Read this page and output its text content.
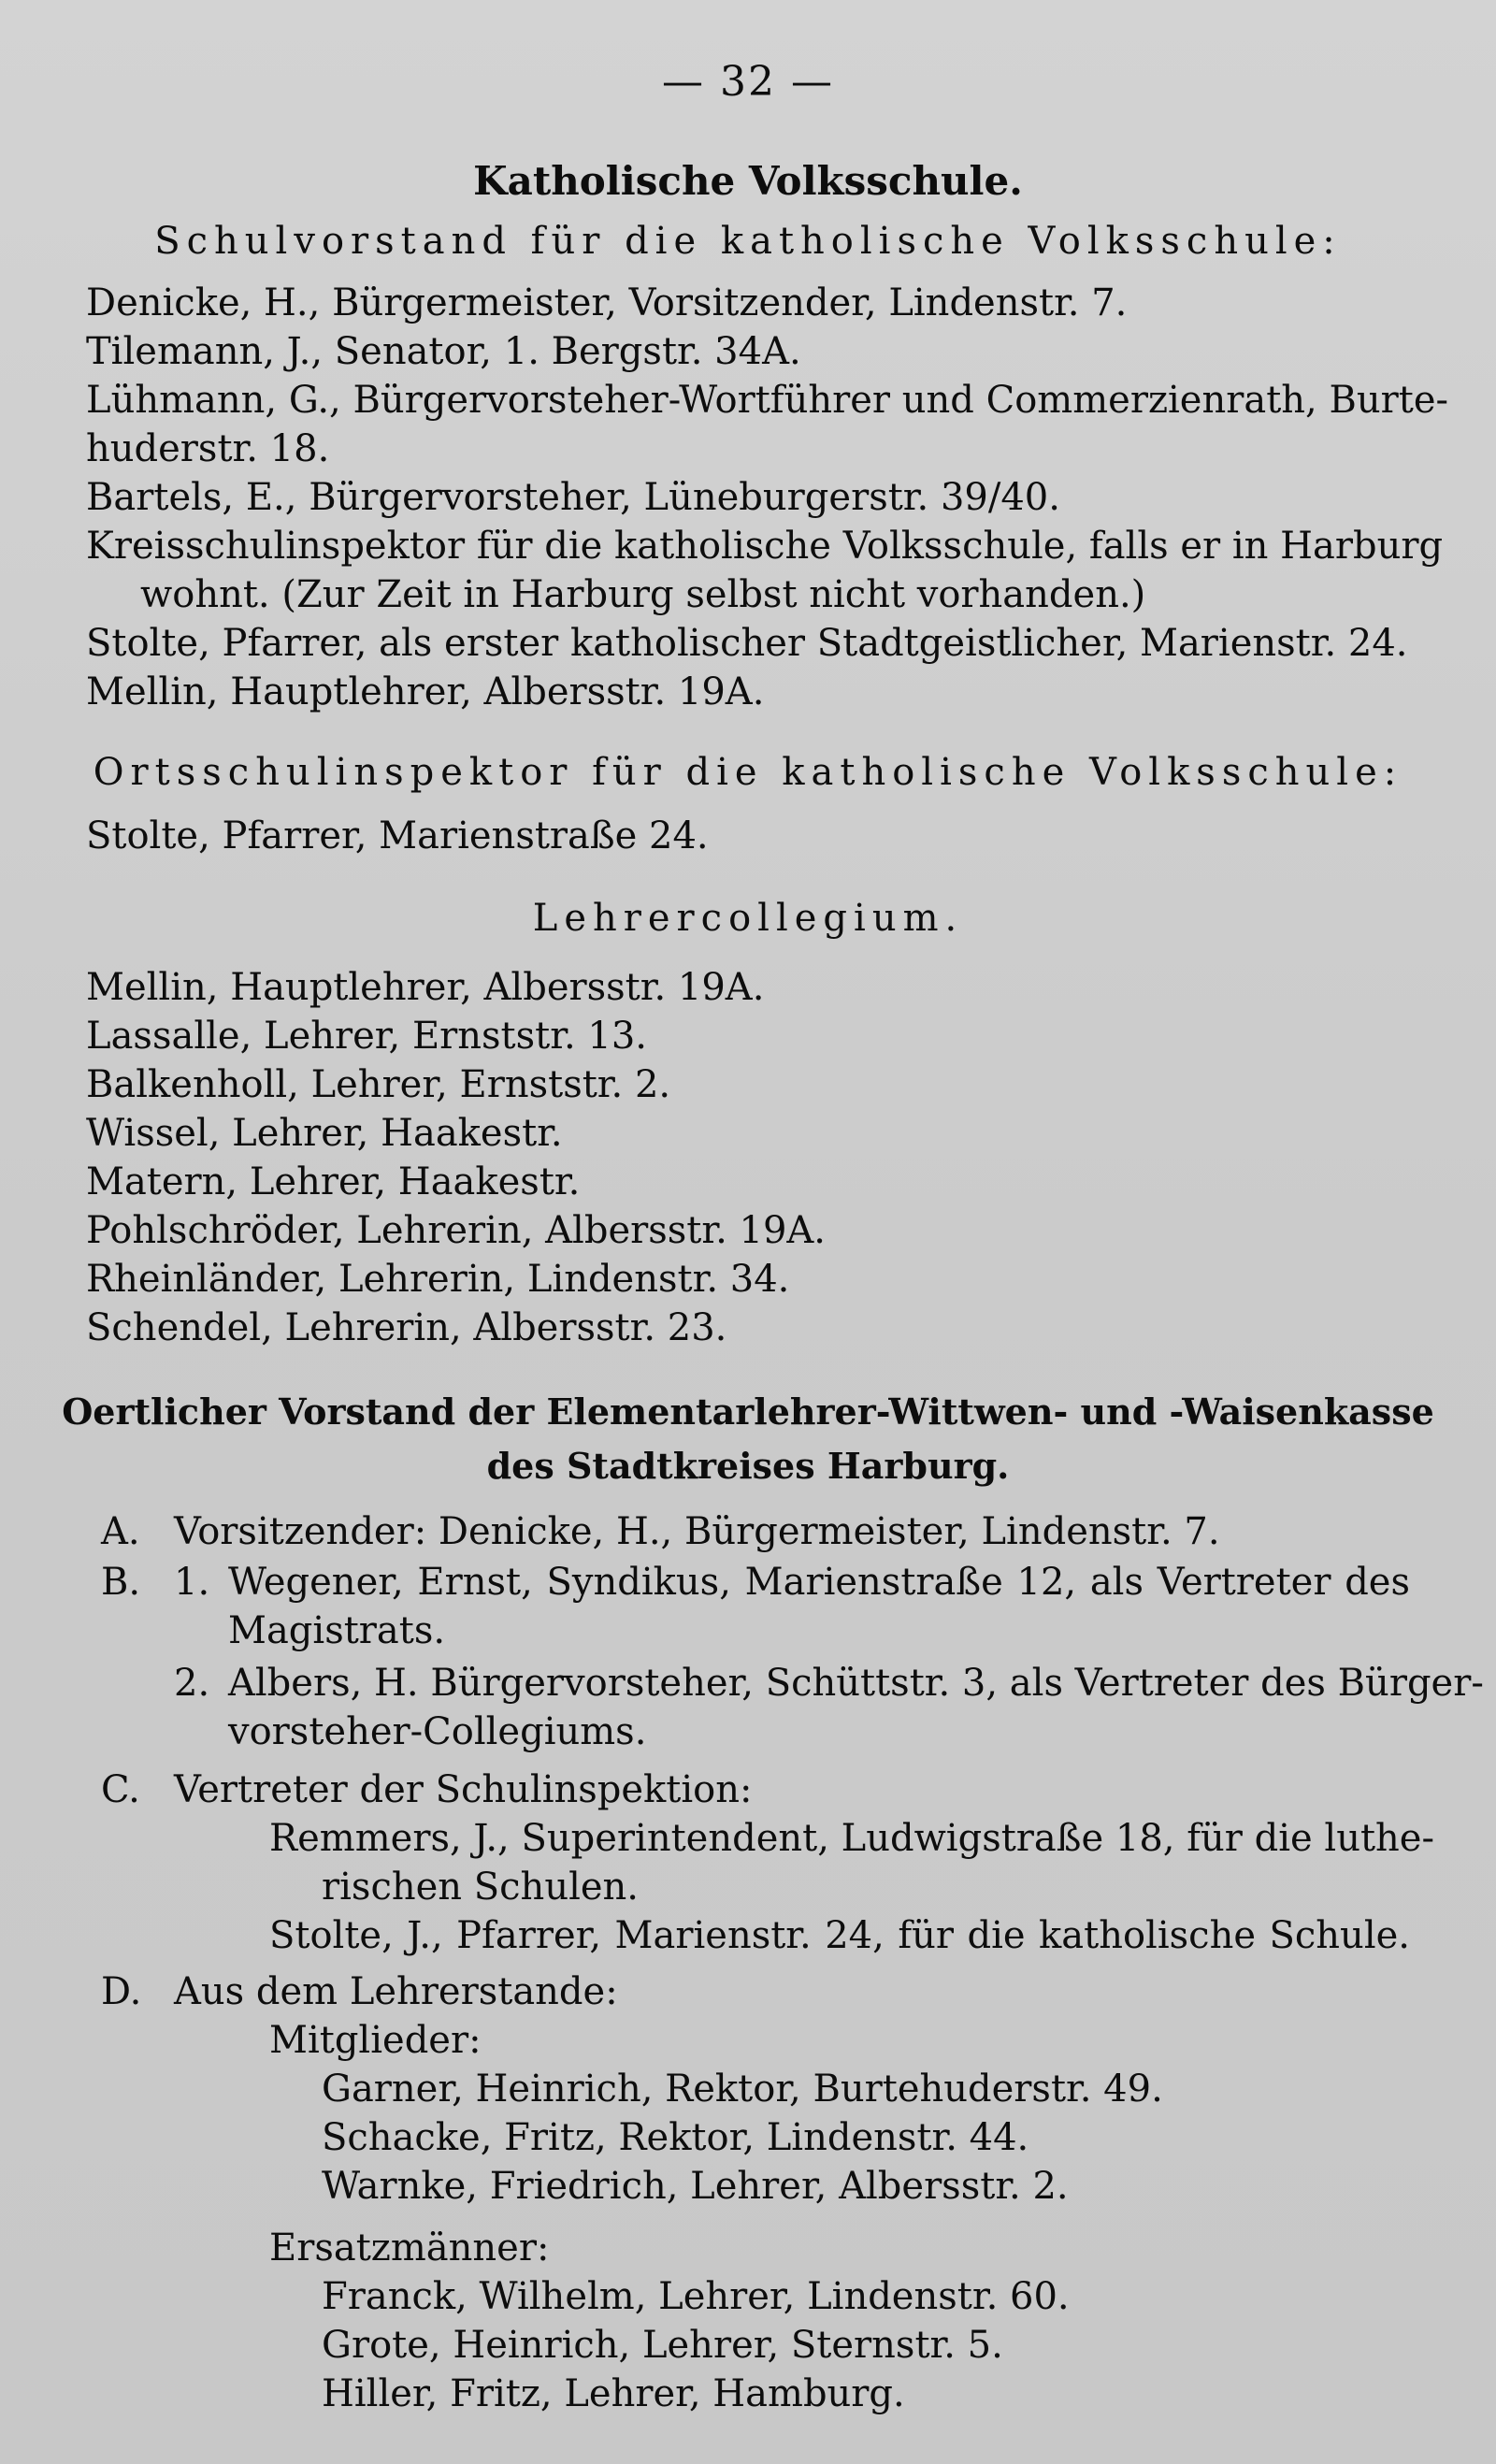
— 32 —
Katholische Volksschule.
Schulvorstand für die katholische Volksschule:
Denicke, H., Bürgermeister, Vorsitzender, Lindenstr. 7.
Tilemann, J., Senator, 1. Bergstr. 34A.
Lühmann, G., Bürgervorsteher-Wortführer und Commerzienrath, Burte-
huderstr. 18.
Bartels, E., Bürgervorsteher, Lüneburgerstr. 39/40.
Kreisschulinspektor für die katholische Volksschule, falls er in Harburg
wohnt. (Zur Zeit in Harburg selbst nicht vorhanden.)
Stolte, Pfarrer, als erster katholischer Stadtgeistlicher, Marienstr. 24.
Mellin, Hauptlehrer, Albersstr. 19A.
Ortsschulinspektor für die katholische Volksschule:
Stolte, Pfarrer, Marienstraße 24.
Lehrercollegium.
Mellin, Hauptlehrer, Albersstr. 19A.
Lassalle, Lehrer, Ernststr. 13.
Balkenholl, Lehrer, Ernststr. 2.
Wissel, Lehrer, Haakestr.
Matern, Lehrer, Haakestr.
Pohlschröder, Lehrerin, Albersstr. 19A.
Rheinländer, Lehrerin, Lindenstr. 34.
Schendel, Lehrerin, Albersstr. 23.
Oertlicher Vorstand der Elementarlehrer-Wittwen- und -Waisenkasse
des Stadtkreises Harburg.
A. Vorsitzender: Denicke, H., Bürgermeister, Lindenstr. 7.
B. 1. Wegener, Ernst, Syndikus, Marienstraße 12, als Vertreter des
Magistrats.
2. Albers, H. Bürgervorsteher, Schüttstr. 3, als Vertreter des Bürger-
vorsteher-Collegiums.
C. Vertreter der Schulinspektion:
Remmers, J., Superintendent, Ludwigstraße 18, für die luthe-
rischen Schulen.
Stolte, J., Pfarrer, Marienstr. 24, für die katholische Schule.
D. Aus dem Lehrerstande:
Mitglieder:
Garner, Heinrich, Rektor, Burtehuderstr. 49.
Schacke, Fritz, Rektor, Lindenstr. 44.
Warnke, Friedrich, Lehrer, Albersstr. 2.
Ersatzmänner:
Franck, Wilhelm, Lehrer, Lindenstr. 60.
Grote, Heinrich, Lehrer, Sternstr. 5.
Hiller, Fritz, Lehrer, Hamburg.
